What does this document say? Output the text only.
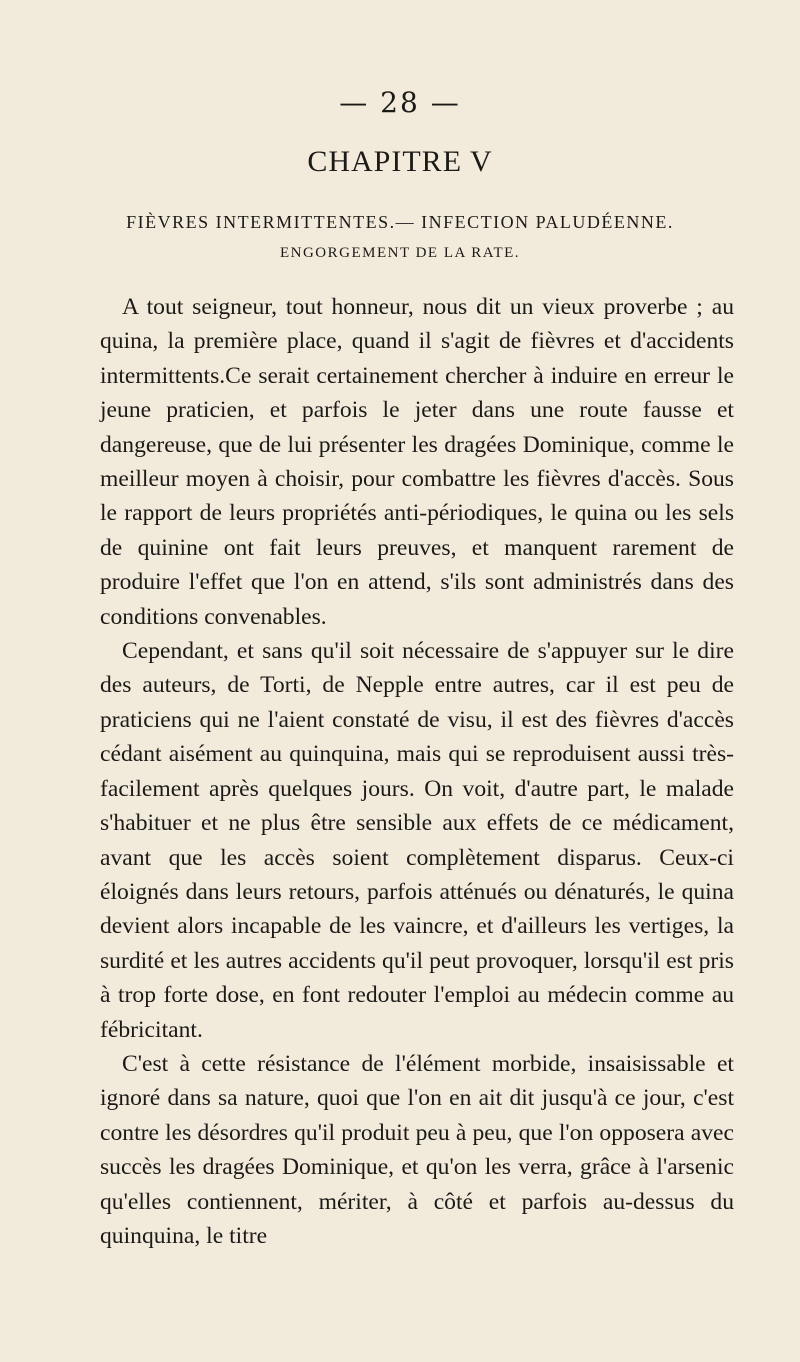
— 28 —
CHAPITRE V
FIÈVRES INTERMITTENTES.— INFECTION PALUDÉENNE.
ENGORGEMENT DE LA RATE.

A tout seigneur, tout honneur, nous dit un vieux proverbe ; au quina, la première place, quand il s'agit de fièvres et d'accidents intermittents.Ce serait certainement chercher à induire en erreur le jeune praticien, et parfois le jeter dans une route fausse et dangereuse, que de lui présenter les dragées Dominique, comme le meilleur moyen à choisir, pour combattre les fièvres d'accès. Sous le rapport de leurs propriétés anti-périodiques, le quina ou les sels de quinine ont fait leurs preuves, et manquent rarement de produire l'effet que l'on en attend, s'ils sont administrés dans des conditions convenables.

Cependant, et sans qu'il soit nécessaire de s'appuyer sur le dire des auteurs, de Torti, de Nepple entre autres, car il est peu de praticiens qui ne l'aient constaté de visu, il est des fièvres d'accès cédant aisément au quinquina, mais qui se reproduisent aussi très-facilement après quelques jours. On voit, d'autre part, le malade s'habituer et ne plus être sensible aux effets de ce médicament, avant que les accès soient complètement disparus. Ceux-ci éloignés dans leurs retours, parfois atténués ou dénaturés, le quina devient alors incapable de les vaincre, et d'ailleurs les vertiges, la surdité et les autres accidents qu'il peut provoquer, lorsqu'il est pris à trop forte dose, en font redouter l'emploi au médecin comme au fébricitant.

C'est à cette résistance de l'élément morbide, insaisissable et ignoré dans sa nature, quoi que l'on en ait dit jusqu'à ce jour, c'est contre les désordres qu'il produit peu à peu, que l'on opposera avec succès les dragées Dominique, et qu'on les verra, grâce à l'arsenic qu'elles contiennent, mériter, à côté et parfois au-dessus du quinquina, le titre
